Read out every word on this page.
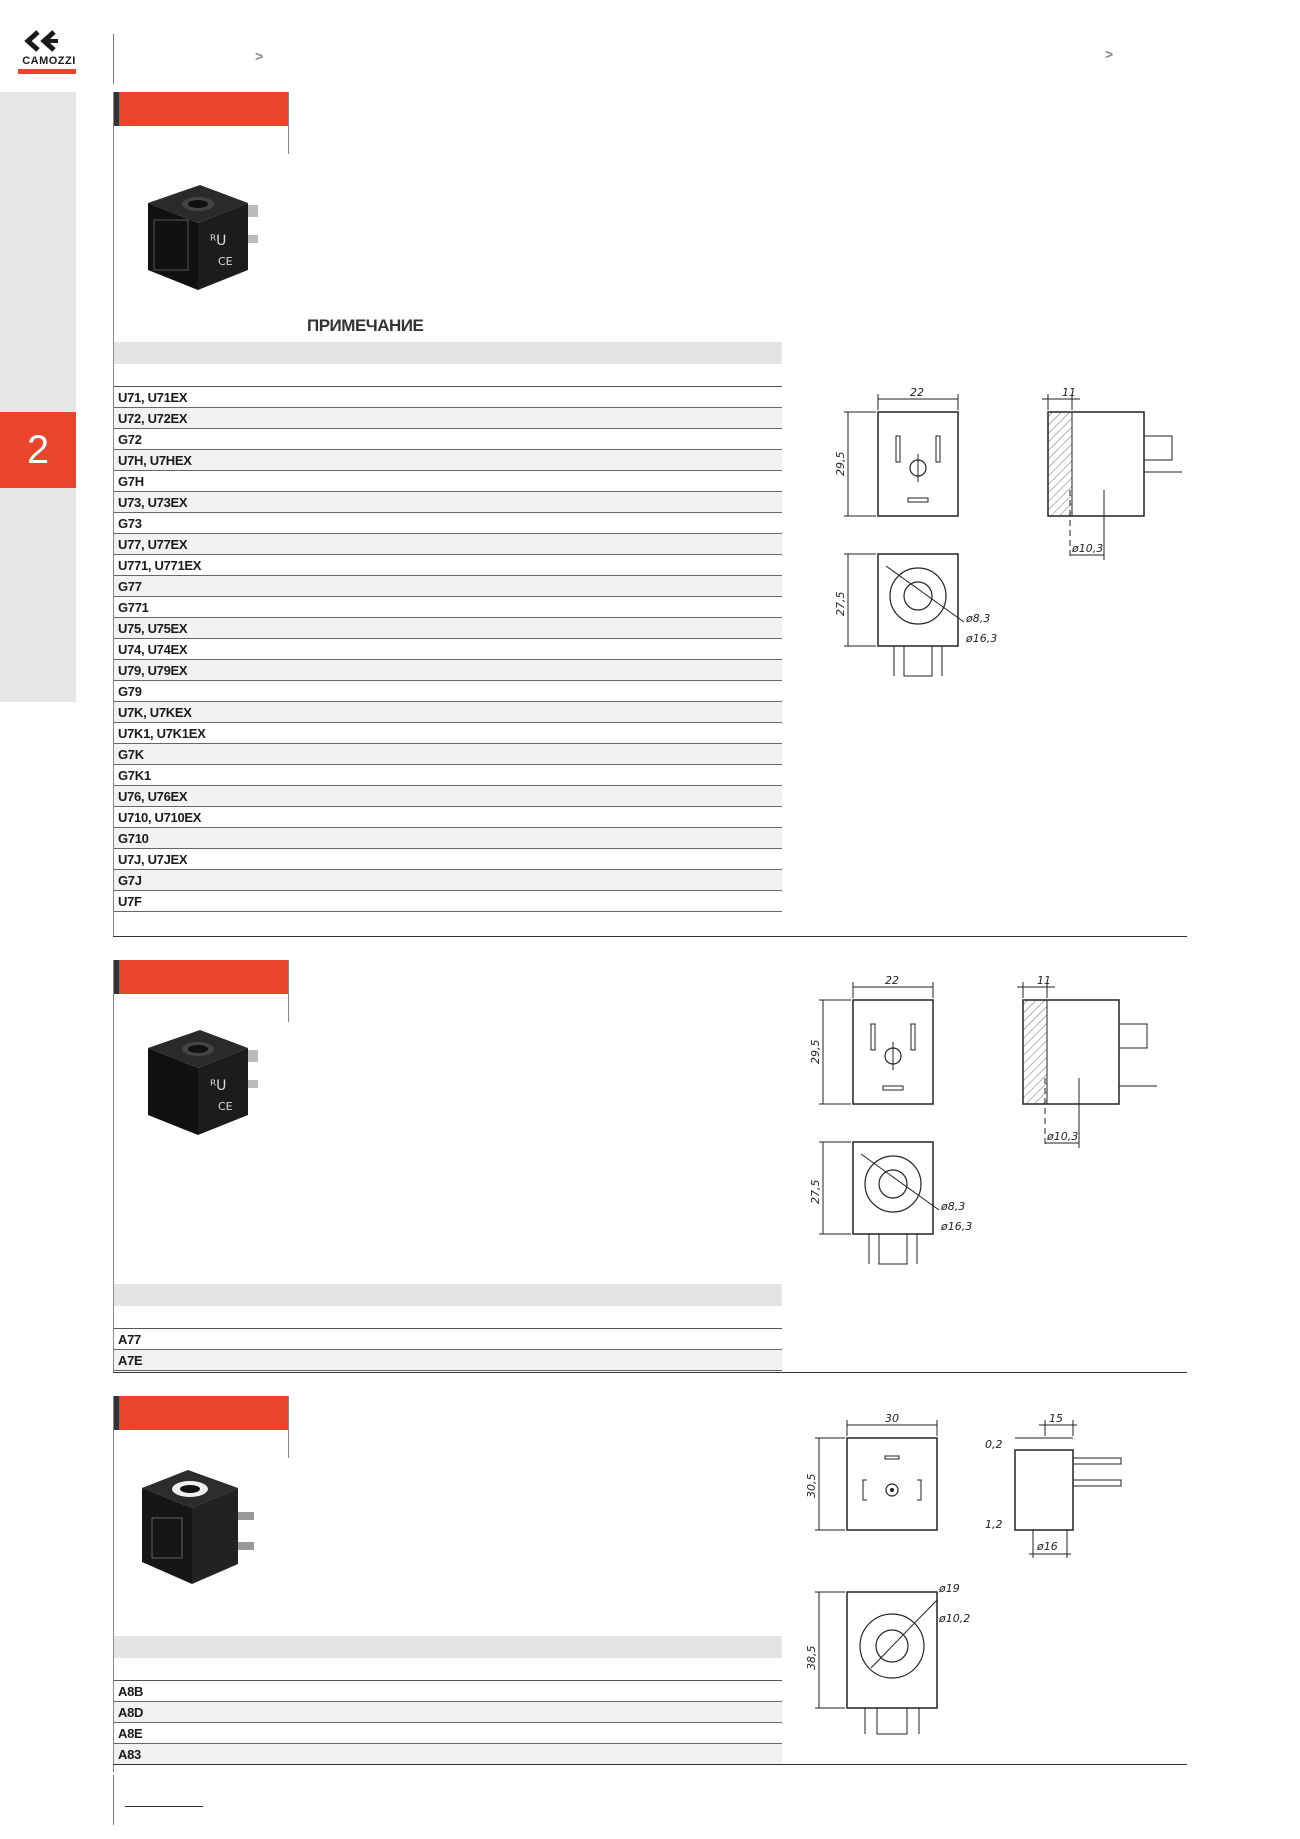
CAMOZZI	>	>
2
ᴿU
CE
ПРИМЕЧАНИЕ
U71, U71EX
U72, U72EX
G72
U7H, U7HEX
G7H
U73, U73EX
G73
U77, U77EX
U771, U771EX
G77
G771
U75, U75EX
U74, U74EX
U79, U79EX
G79
U7K, U7KEX
U7K1, U7K1EX
G7K
G7K1
U76, U76EX
U710, U710EX
G710
U7J, U7JEX
G7J
U7F
22
29,5
11
ø10,3
27,5
ø8,3
ø16,3
ᴿU
CE
A77
A7E
22
29,5
11
ø10,3
27,5
ø8,3
ø16,3
A8B
A8D
A8E
A83
30
30,5
15
0,2
1,2
ø16
38,5
ø19
ø10,2
